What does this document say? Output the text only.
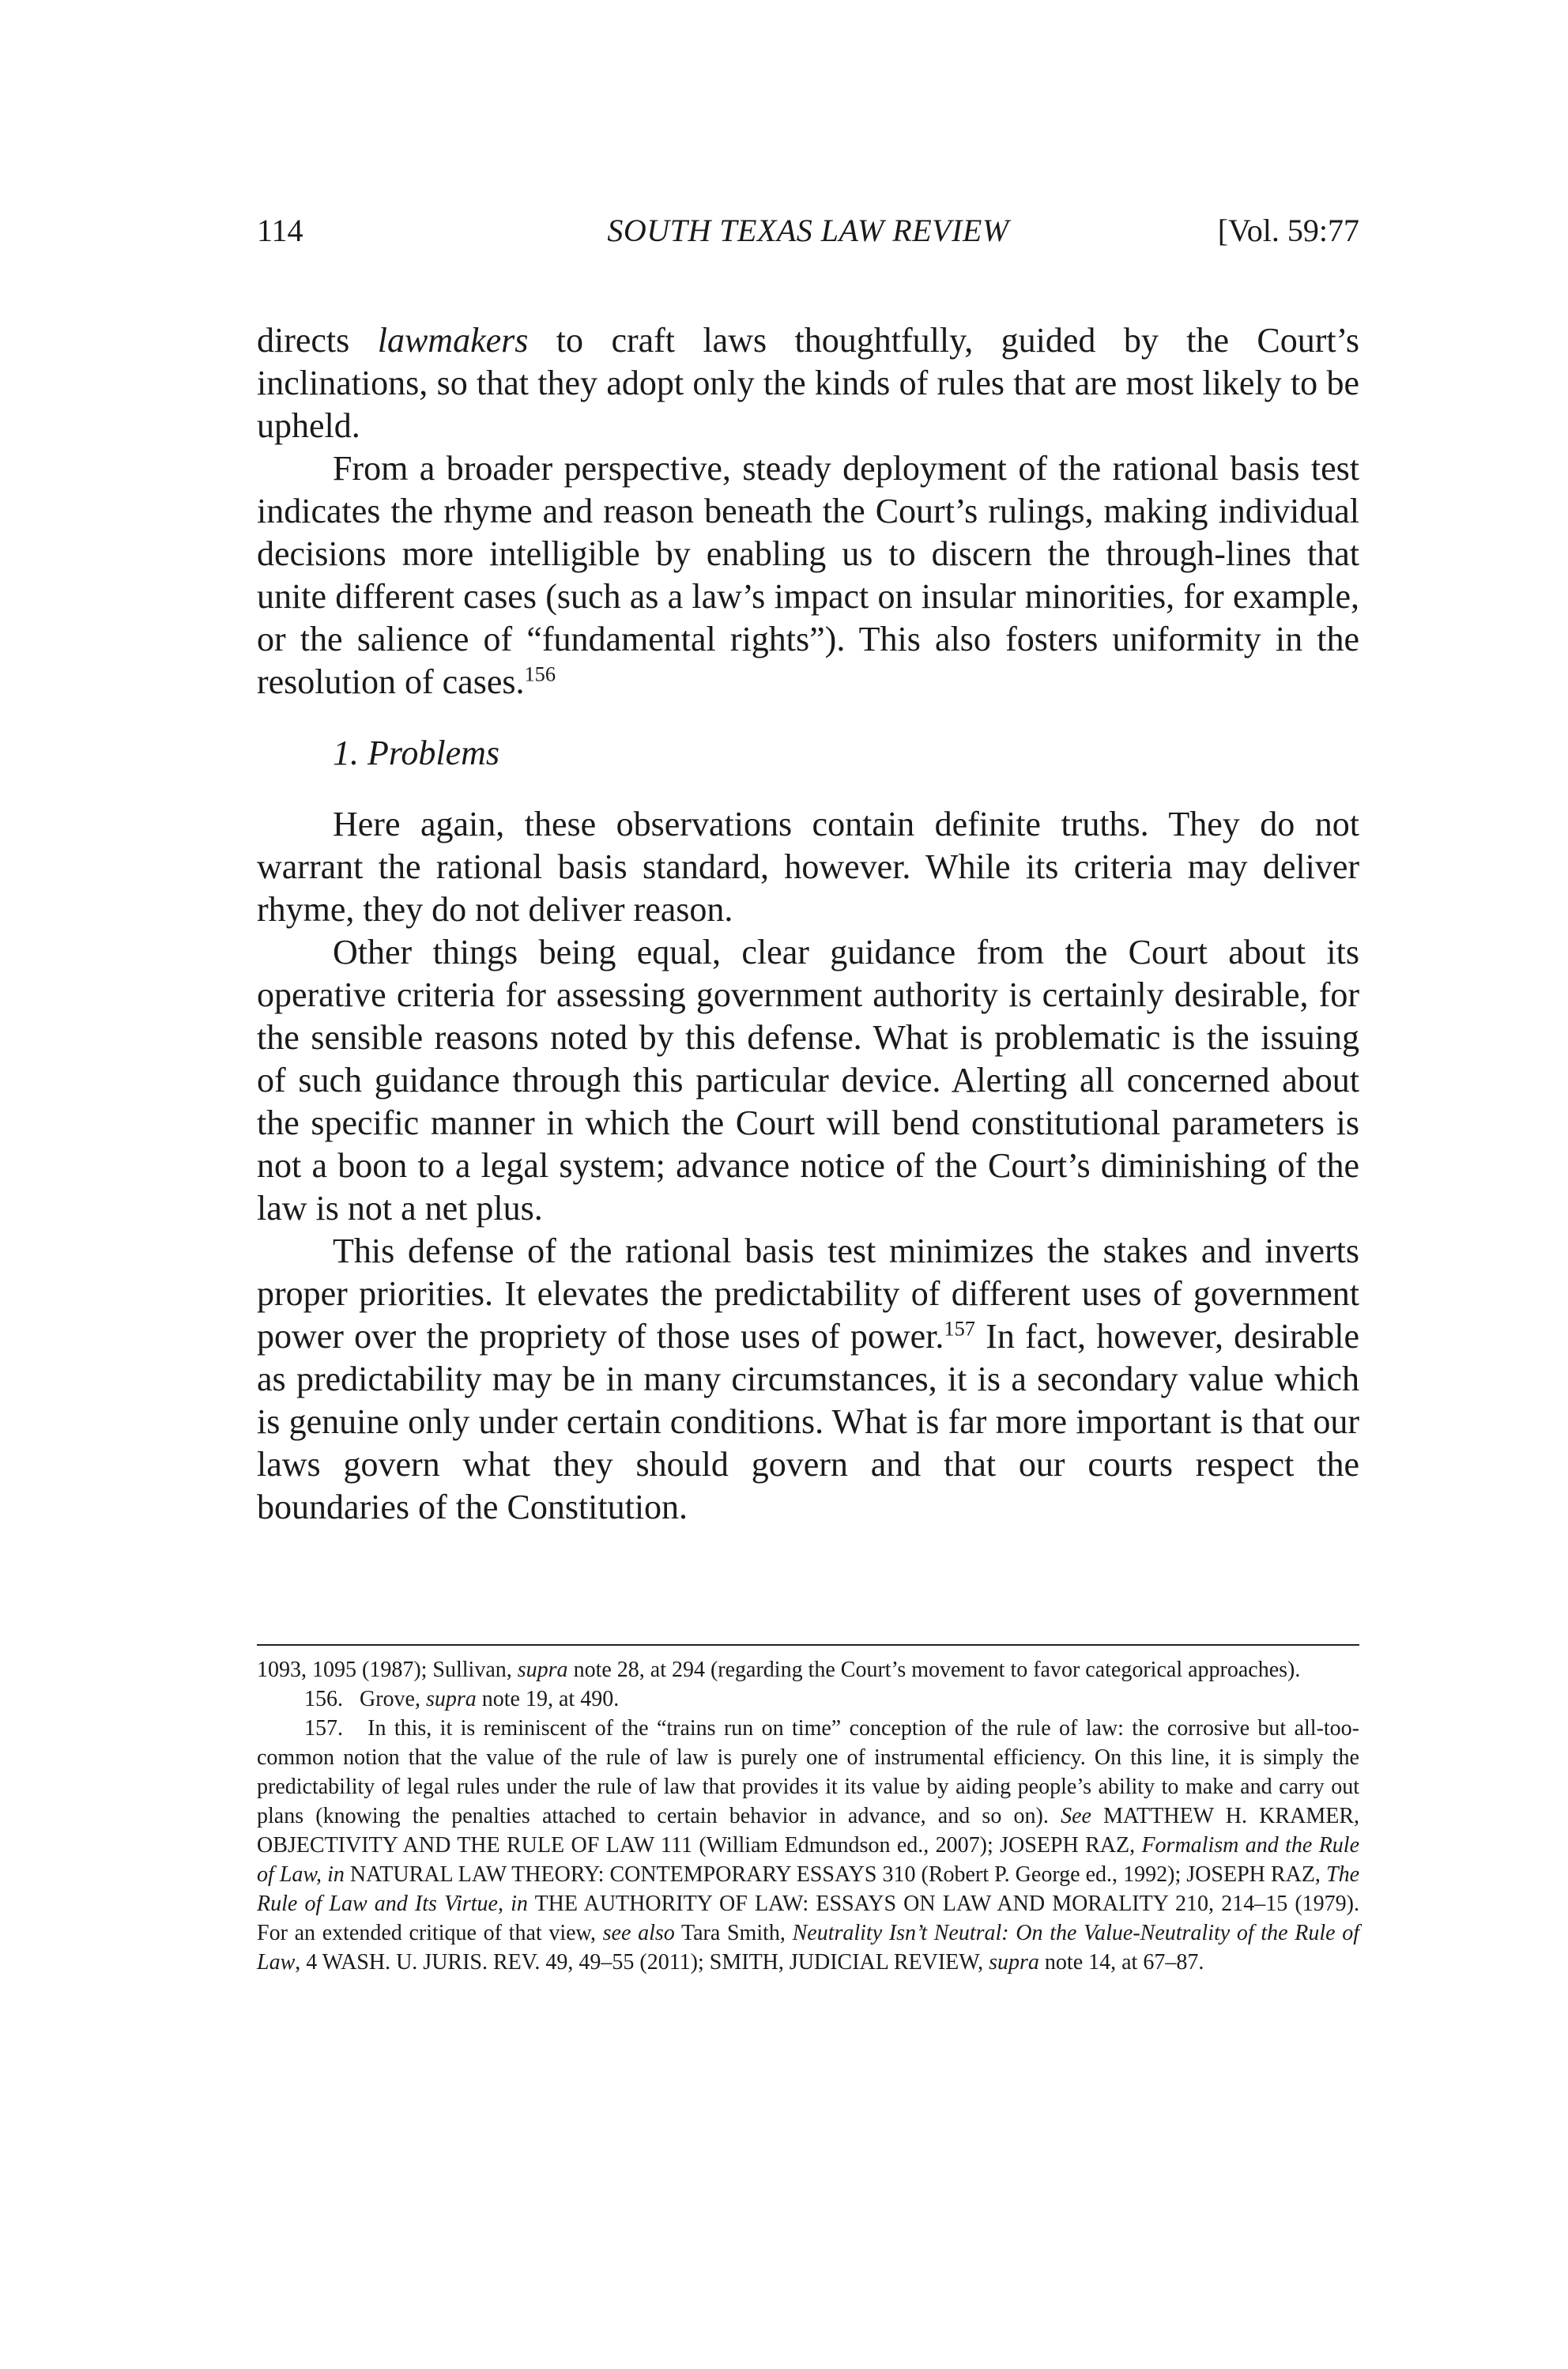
114	SOUTH TEXAS LAW REVIEW	[Vol. 59:77

directs lawmakers to craft laws thoughtfully, guided by the Court’s inclinations, so that they adopt only the kinds of rules that are most likely to be upheld.

From a broader perspective, steady deployment of the rational basis test indicates the rhyme and reason beneath the Court’s rulings, making individual decisions more intelligible by enabling us to discern the through-lines that unite different cases (such as a law’s impact on insular minorities, for example, or the salience of “fundamental rights”). This also fosters uniformity in the resolution of cases.$^{156}$

1. Problems

Here again, these observations contain definite truths. They do not warrant the rational basis standard, however. While its criteria may deliver rhyme, they do not deliver reason.

Other things being equal, clear guidance from the Court about its operative criteria for assessing government authority is certainly desirable, for the sensible reasons noted by this defense. What is problematic is the issuing of such guidance through this particular device. Alerting all concerned about the specific manner in which the Court will bend constitutional parameters is not a boon to a legal system; advance notice of the Court’s diminishing of the law is not a net plus.

This defense of the rational basis test minimizes the stakes and inverts proper priorities. It elevates the predictability of different uses of government power over the propriety of those uses of power.$^{157}$ In fact, however, desirable as predictability may be in many circumstances, it is a secondary value which is genuine only under certain conditions. What is far more important is that our laws govern what they should govern and that our courts respect the boundaries of the Constitution.

1093, 1095 (1987); Sullivan, supra note 28, at 294 (regarding the Court’s movement to favor categorical approaches).

156. Grove, supra note 19, at 490.

157. In this, it is reminiscent of the “trains run on time” conception of the rule of law: the corrosive but all-too-common notion that the value of the rule of law is purely one of instrumental efficiency. On this line, it is simply the predictability of legal rules under the rule of law that provides it its value by aiding people’s ability to make and carry out plans (knowing the penalties attached to certain behavior in advance, and so on). See MATTHEW H. KRAMER, OBJECTIVITY AND THE RULE OF LAW 111 (William Edmundson ed., 2007); JOSEPH RAZ, Formalism and the Rule of Law, in NATURAL LAW THEORY: CONTEMPORARY ESSAYS 310 (Robert P. George ed., 1992); JOSEPH RAZ, The Rule of Law and Its Virtue, in THE AUTHORITY OF LAW: ESSAYS ON LAW AND MORALITY 210, 214–15 (1979). For an extended critique of that view, see also Tara Smith, Neutrality Isn’t Neutral: On the Value-Neutrality of the Rule of Law, 4 WASH. U. JURIS. REV. 49, 49–55 (2011); SMITH, JUDICIAL REVIEW, supra note 14, at 67–87.
